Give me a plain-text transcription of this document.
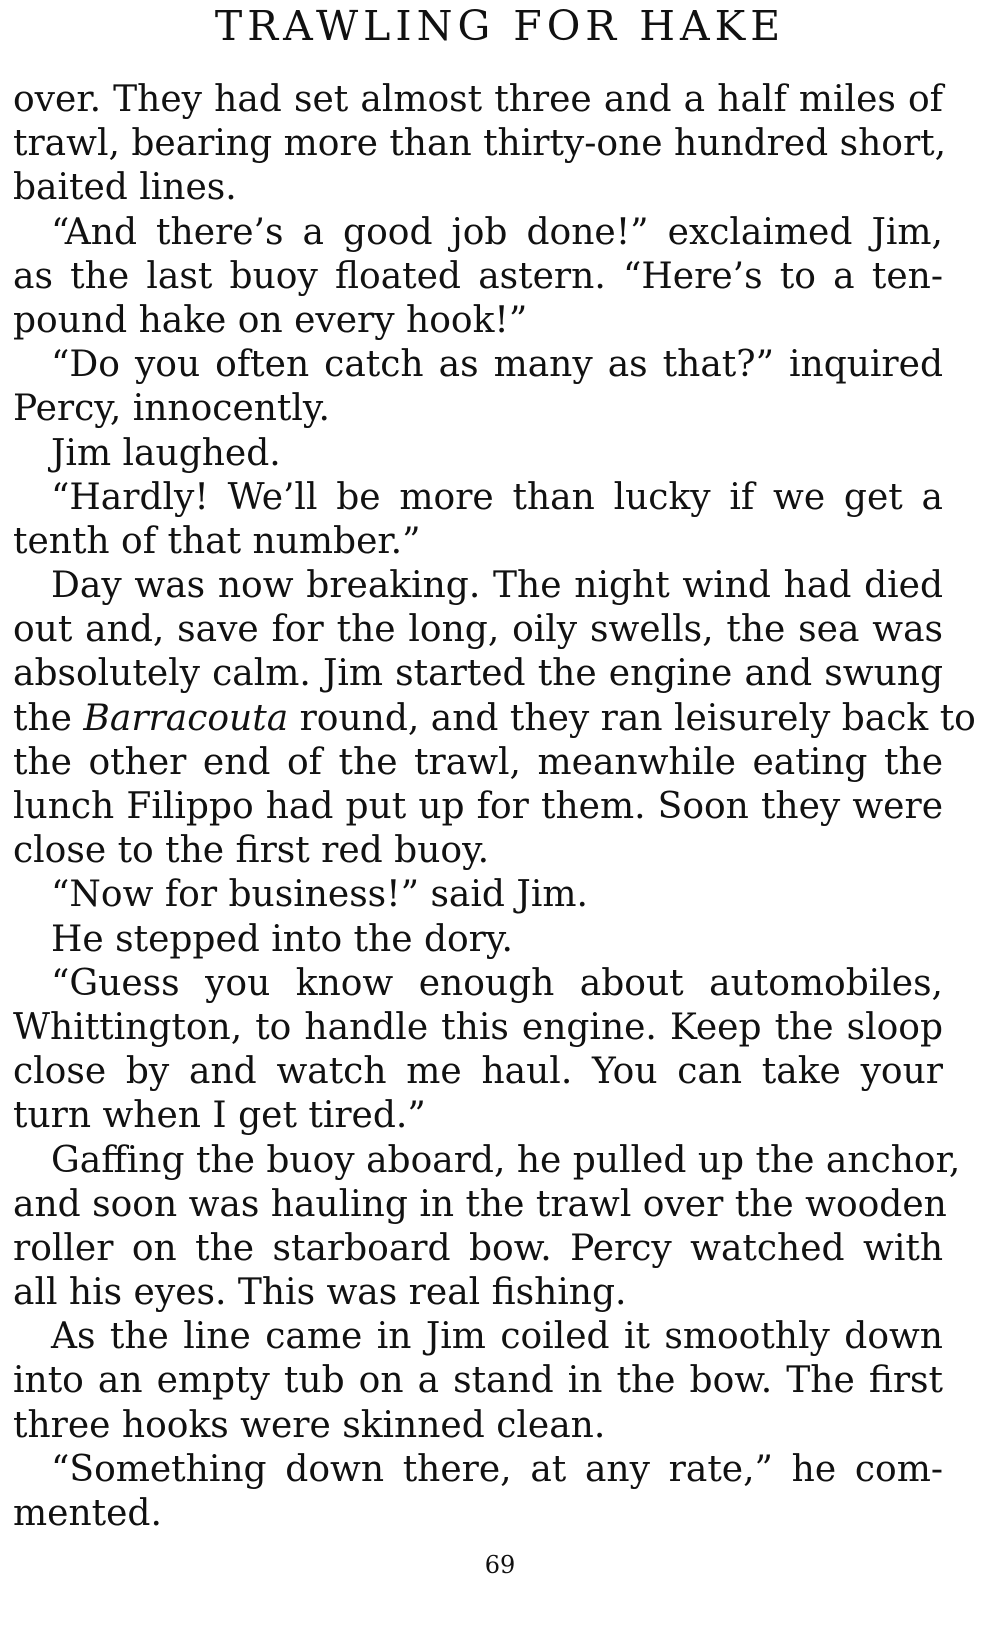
TRAWLING FOR HAKE
over. They had set almost three and a half miles of
trawl, bearing more than thirty-one hundred short,
baited lines.
“And there’s a good job done!” exclaimed Jim,
as the last buoy floated astern. “Here’s to a ten-
pound hake on every hook!”
“Do you often catch as many as that?” inquired
Percy, innocently.
Jim laughed.
“Hardly! We’ll be more than lucky if we get a
tenth of that number.”
Day was now breaking. The night wind had died
out and, save for the long, oily swells, the sea was
absolutely calm. Jim started the engine and swung
the Barracouta round, and they ran leisurely back to
the other end of the trawl, meanwhile eating the
lunch Filippo had put up for them. Soon they were
close to the first red buoy.
“Now for business!” said Jim.
He stepped into the dory.
“Guess you know enough about automobiles,
Whittington, to handle this engine. Keep the sloop
close by and watch me haul. You can take your
turn when I get tired.”
Gaffing the buoy aboard, he pulled up the anchor,
and soon was hauling in the trawl over the wooden
roller on the starboard bow. Percy watched with
all his eyes. This was real fishing.
As the line came in Jim coiled it smoothly down
into an empty tub on a stand in the bow. The first
three hooks were skinned clean.
“Something down there, at any rate,” he com-
mented.
69
